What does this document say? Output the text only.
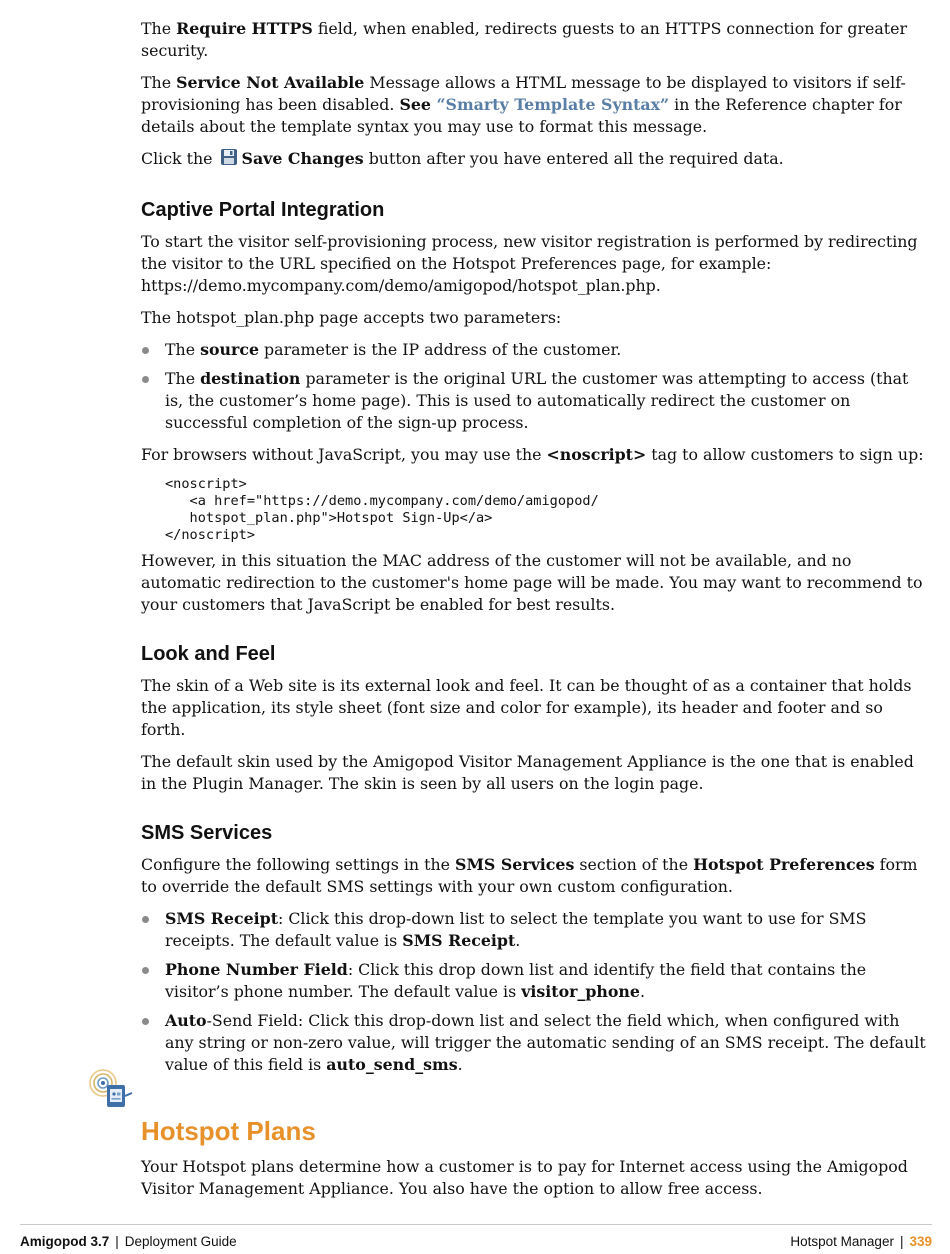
The Require HTTPS field, when enabled, redirects guests to an HTTPS connection for greater security.

The Service Not Available Message allows a HTML message to be displayed to visitors if self-provisioning has been disabled. See “Smarty Template Syntax” in the Reference chapter for details about the template syntax you may use to format this message.

Click the Save Changes button after you have entered all the required data.

Captive Portal Integration

To start the visitor self-provisioning process, new visitor registration is performed by redirecting the visitor to the URL specified on the Hotspot Preferences page, for example: https://demo.mycompany.com/demo/amigopod/hotspot_plan.php.

The hotspot_plan.php page accepts two parameters:

The source parameter is the IP address of the customer.
The destination parameter is the original URL the customer was attempting to access (that is, the customer’s home page). This is used to automatically redirect the customer on successful completion of the sign-up process.

For browsers without JavaScript, you may use the <noscript> tag to allow customers to sign up:

<noscript>
<a href="https://demo.mycompany.com/demo/amigopod/
hotspot_plan.php">Hotspot Sign-Up</a>
</noscript>

However, in this situation the MAC address of the customer will not be available, and no automatic redirection to the customer's home page will be made. You may want to recommend to your customers that JavaScript be enabled for best results.

Look and Feel

The skin of a Web site is its external look and feel. It can be thought of as a container that holds the application, its style sheet (font size and color for example), its header and footer and so forth.

The default skin used by the Amigopod Visitor Management Appliance is the one that is enabled in the Plugin Manager. The skin is seen by all users on the login page.

SMS Services

Configure the following settings in the SMS Services section of the Hotspot Preferences form to override the default SMS settings with your own custom configuration.

SMS Receipt: Click this drop-down list to select the template you want to use for SMS receipts. The default value is SMS Receipt.
Phone Number Field: Click this drop down list and identify the field that contains the visitor’s phone number. The default value is visitor_phone.
Auto-Send Field: Click this drop-down list and select the field which, when configured with any string or non-zero value, will trigger the automatic sending of an SMS receipt. The default value of this field is auto_send_sms.
Hotspot Plans

Your Hotspot plans determine how a customer is to pay for Internet access using the Amigopod Visitor Management Appliance. You also have the option to allow free access.

Amigopod 3.7 | Deployment Guide	Hotspot Manager | 339
